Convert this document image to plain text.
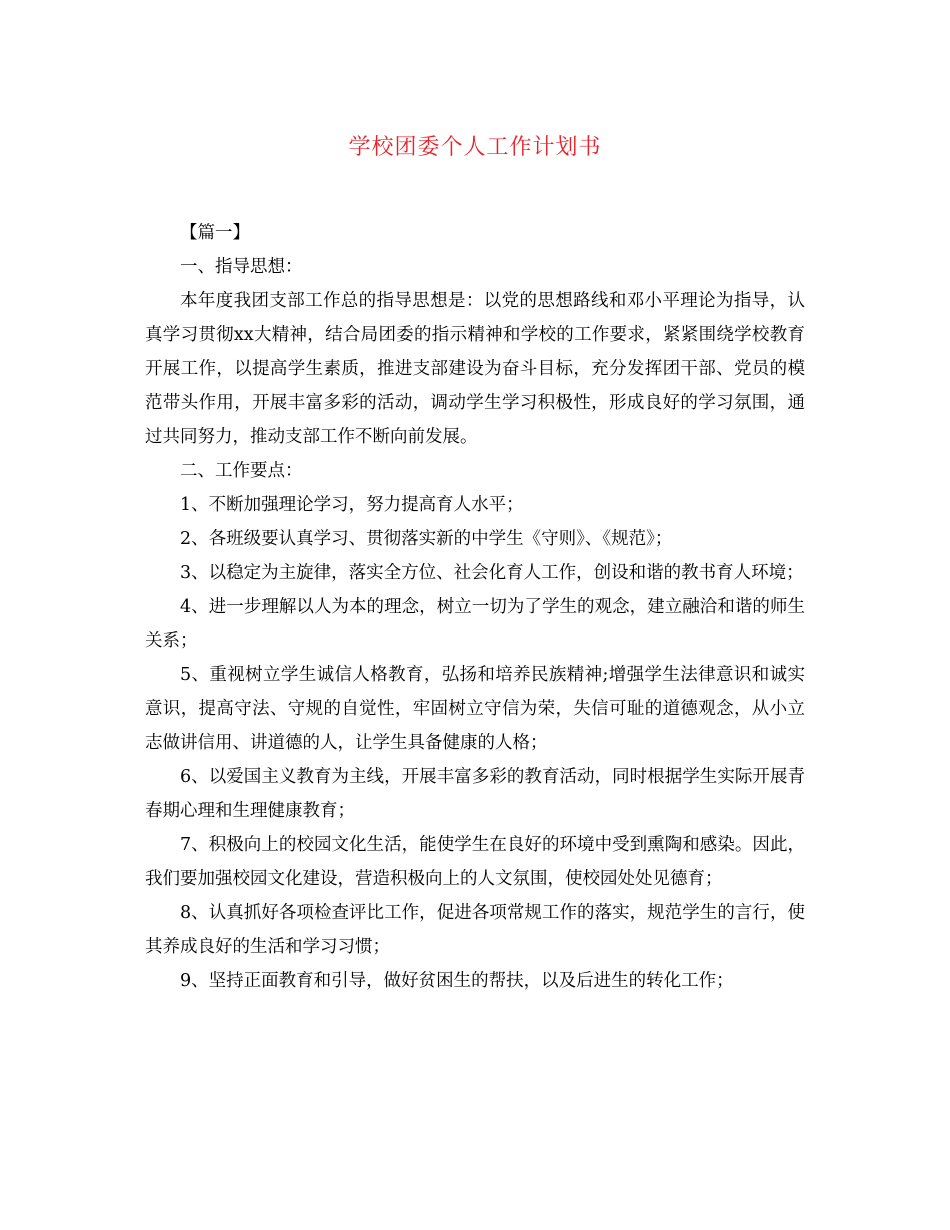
学校团委个人工作计划书

【篇一】

一、指导思想：

本年度我团支部工作总的指导思想是：以党的思想路线和邓小平理论为指导，认真学习贯彻xx大精神，结合局团委的指示精神和学校的工作要求，紧紧围绕学校教育开展工作，以提高学生素质，推进支部建设为奋斗目标，充分发挥团干部、党员的模范带头作用，开展丰富多彩的活动，调动学生学习积极性，形成良好的学习氛围，通过共同努力，推动支部工作不断向前发展。

二、工作要点：

1、不断加强理论学习，努力提高育人水平；

2、各班级要认真学习、贯彻落实新的中学生《守则》、《规范》；

3、以稳定为主旋律，落实全方位、社会化育人工作，创设和谐的教书育人环境；

4、进一步理解以人为本的理念，树立一切为了学生的观念，建立融洽和谐的师生关系；

5、重视树立学生诚信人格教育，弘扬和培养民族精神;增强学生法律意识和诚实意识，提高守法、守规的自觉性，牢固树立守信为荣，失信可耻的道德观念，从小立志做讲信用、讲道德的人，让学生具备健康的人格；

6、以爱国主义教育为主线，开展丰富多彩的教育活动，同时根据学生实际开展青春期心理和生理健康教育；

7、积极向上的校园文化生活，能使学生在良好的环境中受到熏陶和感染。因此，我们要加强校园文化建设，营造积极向上的人文氛围，使校园处处见德育；

8、认真抓好各项检查评比工作，促进各项常规工作的落实，规范学生的言行，使其养成良好的生活和学习习惯；

9、坚持正面教育和引导，做好贫困生的帮扶，以及后进生的转化工作；
